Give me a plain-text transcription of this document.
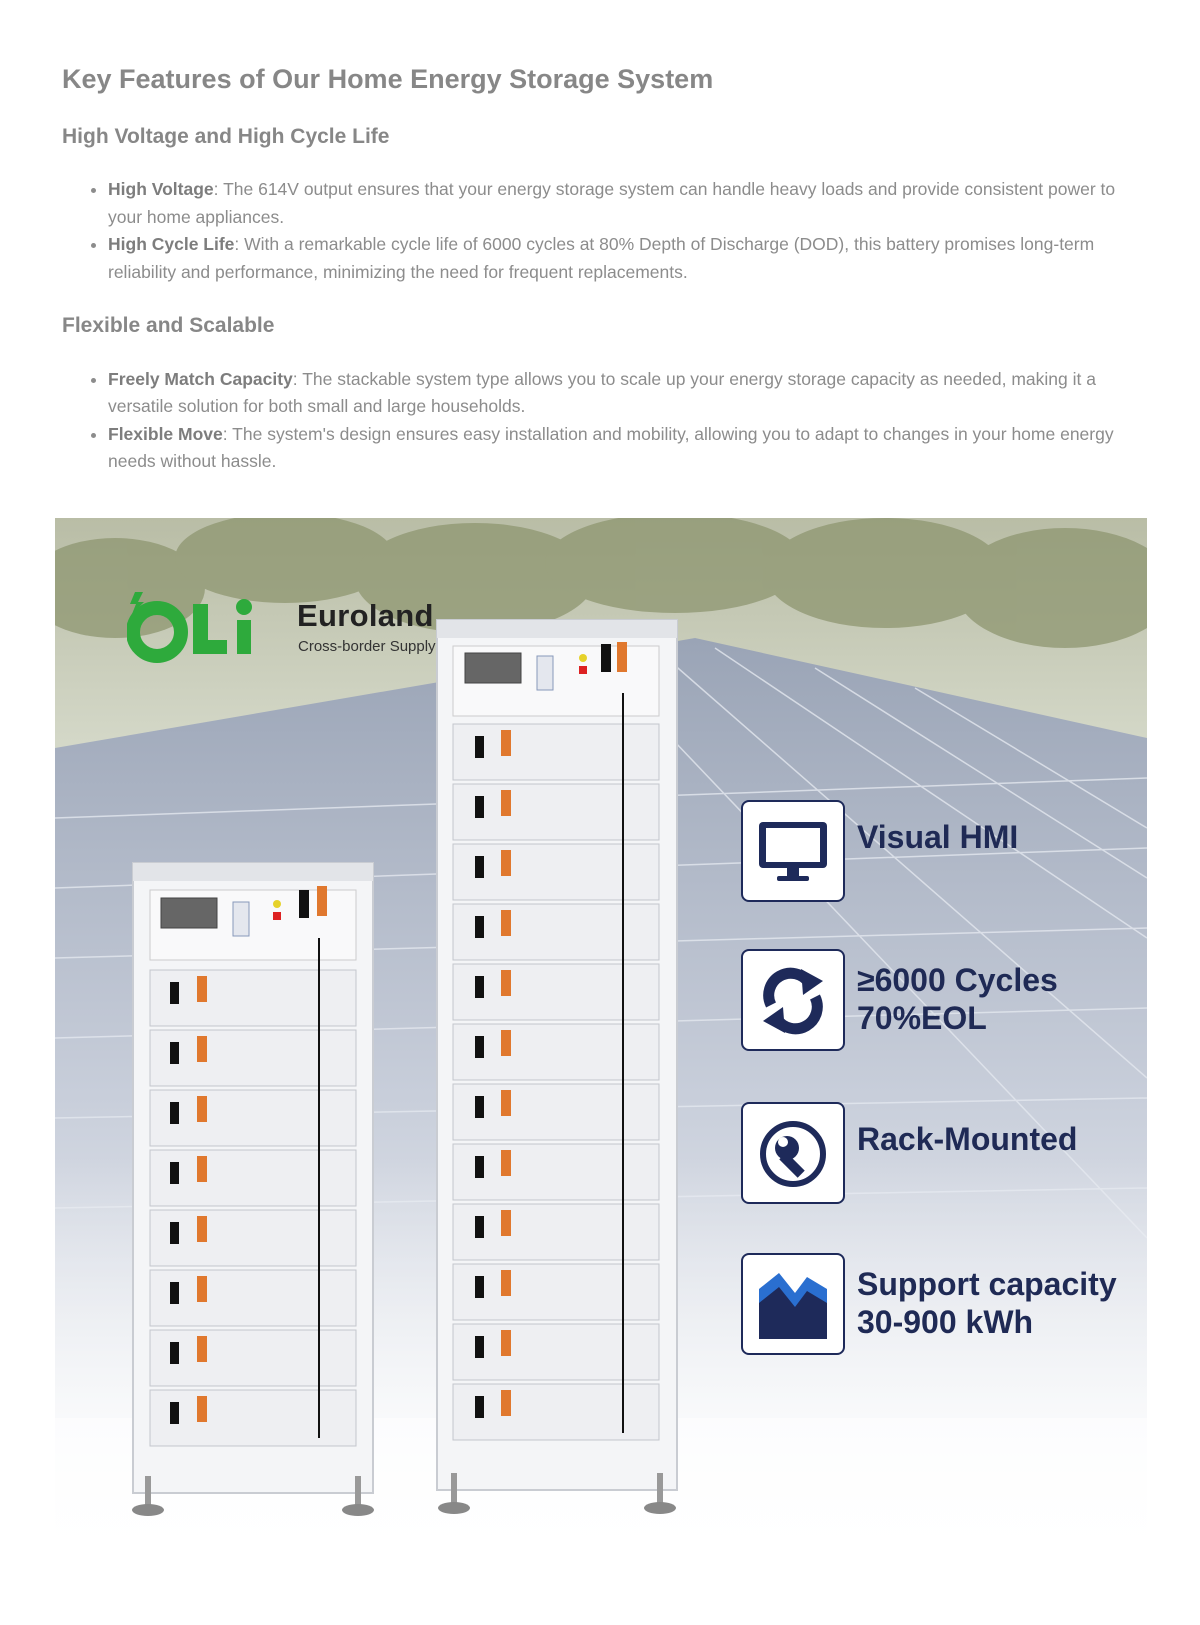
Key Features of Our Home Energy Storage System
High Voltage and High Cycle Life
• High Voltage: The 614V output ensures that your energy storage system can handle heavy loads and provide consistent power to your home appliances.
• High Cycle Life: With a remarkable cycle life of 6000 cycles at 80% Depth of Discharge (DOD), this battery promises long-term reliability and performance, minimizing the need for frequent replacements.
Flexible and Scalable
• Freely Match Capacity: The stackable system type allows you to scale up your energy storage capacity as needed, making it a versatile solution for both small and large households.
• Flexible Move: The system's design ensures easy installation and mobility, allowing you to adapt to changes in your home energy needs without hassle.
Euroland
Cross-border Supply
Visual HMI
≥6000 Cycles
70%EOL
Rack-Mounted
Support capacity
30-900 kWh
